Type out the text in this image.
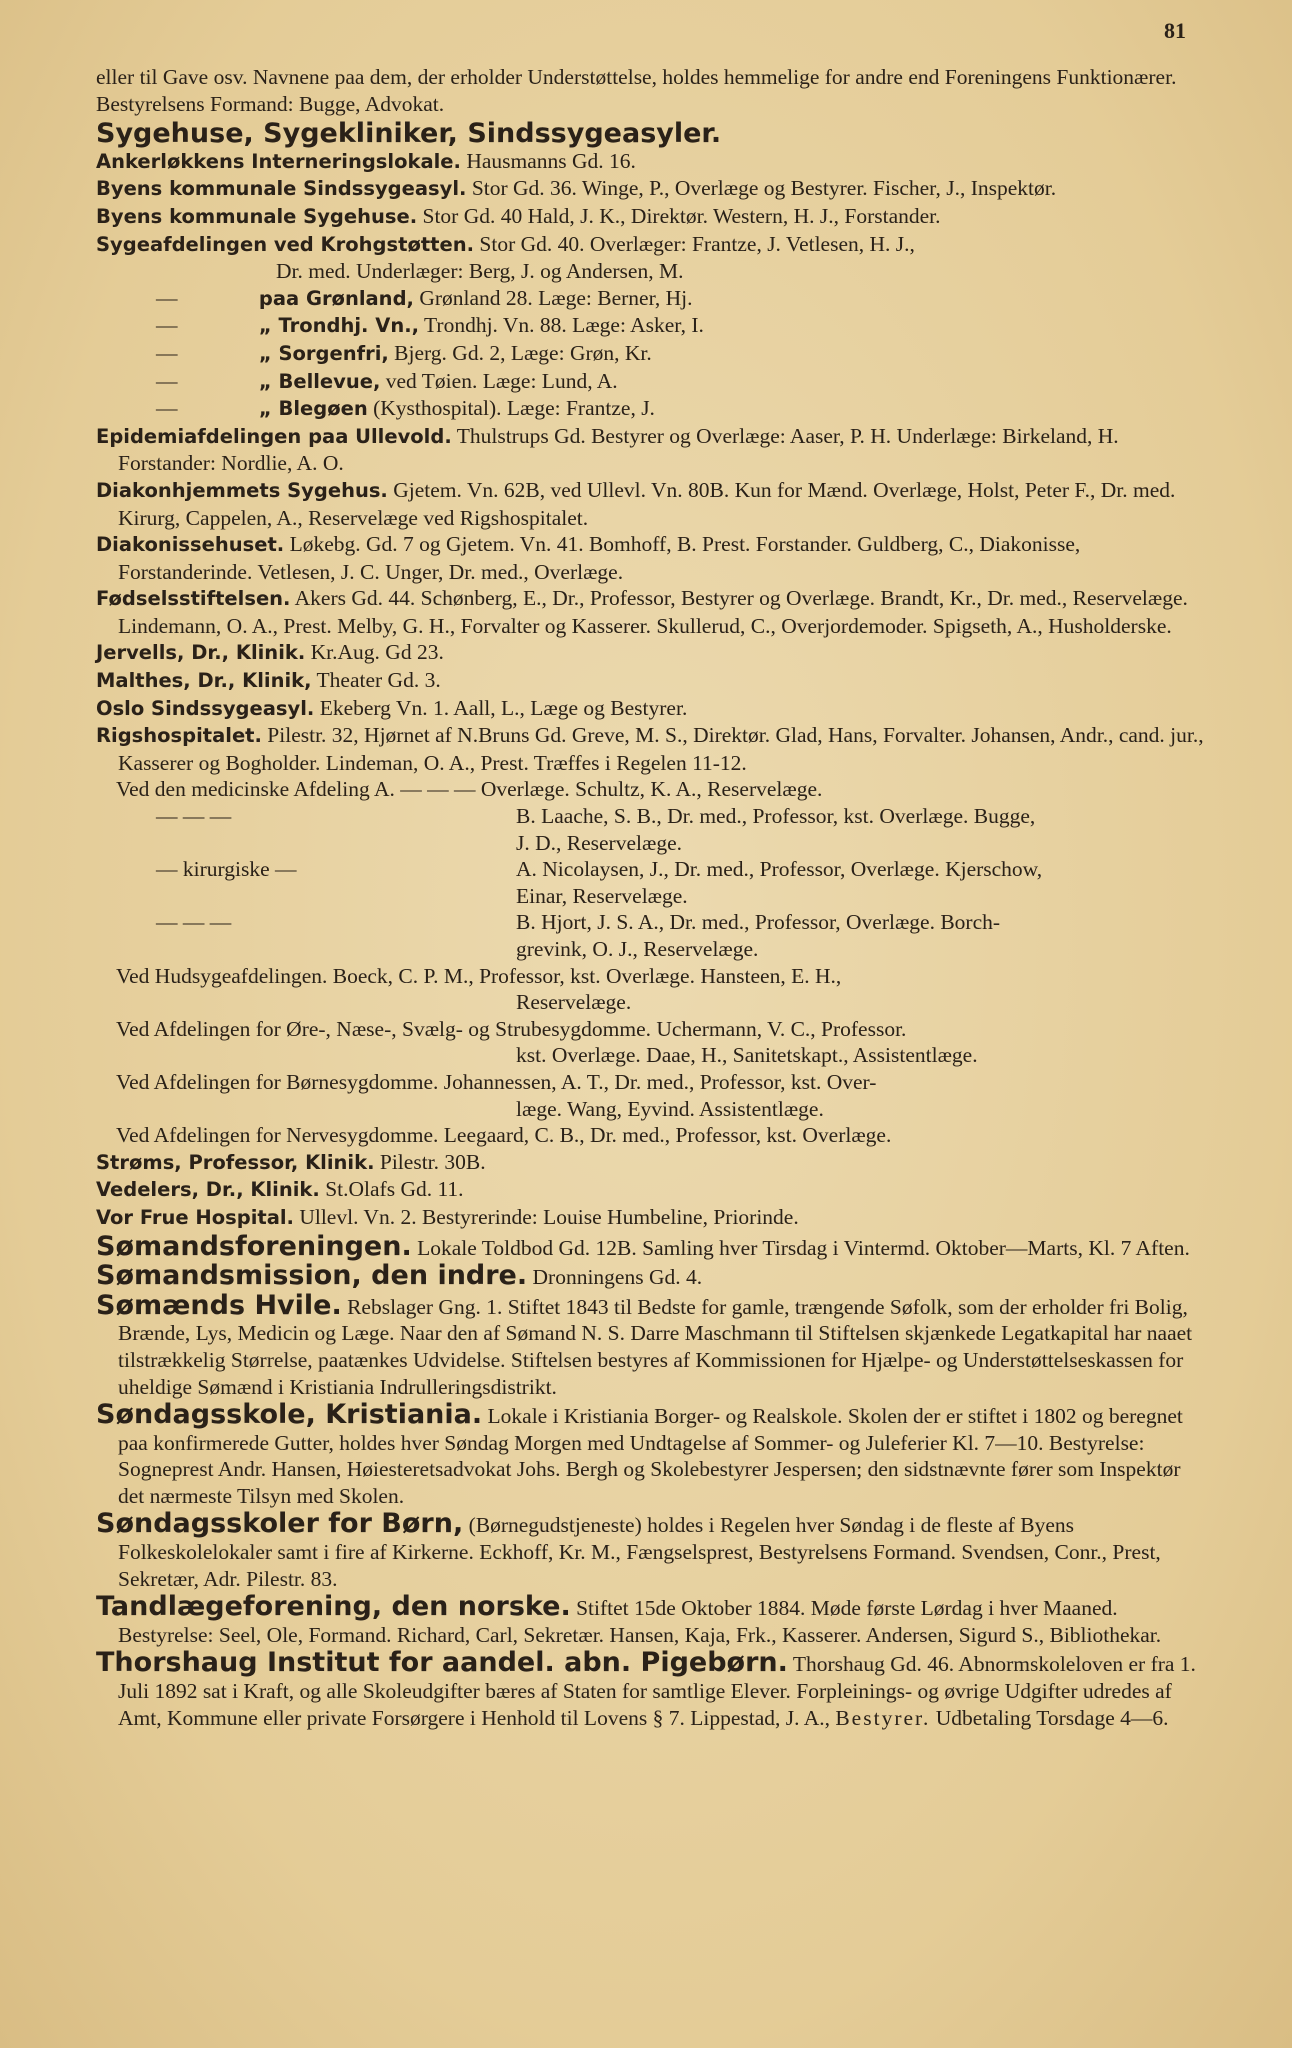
81

eller til Gave osv. Navnene paa dem, der erholder Understøttelse, holdes hemmelige for andre end Foreningens Funktionærer. Bestyrelsens Formand: Bugge, Advokat.

Sygehuse, Sygekliniker, Sindssygeasyler.

Ankerløkkens Interneringslokale. Hausmanns Gd. 16.

Byens kommunale Sindssygeasyl. Stor Gd. 36. Winge, P., Overlæge og Bestyrer. Fischer, J., Inspektør.

Byens kommunale Sygehuse. Stor Gd. 40 Hald, J. K., Direktør. Western, H. J., Forstander.

Sygeafdelingen ved Krohgstøtten. Stor Gd. 40. Overlæger: Frantze, J. Vetlesen, H. J.,

Dr. med. Underlæger: Berg, J. og Andersen, M.

—	paa Grønland, Grønland 28. Læge: Berner, Hj.

—	„ Trondhj. Vn., Trondhj. Vn. 88. Læge: Asker, I.

—	„ Sorgenfri, Bjerg. Gd. 2, Læge: Grøn, Kr.

—	„ Bellevue, ved Tøien. Læge: Lund, A.

—	„ Blegøen (Kysthospital). Læge: Frantze, J.

Epidemiafdelingen paa Ullevold. Thulstrups Gd. Bestyrer og Overlæge: Aaser, P. H. Underlæge: Birkeland, H. Forstander: Nordlie, A. O.

Diakonhjemmets Sygehus. Gjetem. Vn. 62B, ved Ullevl. Vn. 80B. Kun for Mænd. Overlæge, Holst, Peter F., Dr. med. Kirurg, Cappelen, A., Reservelæge ved Rigshospitalet.

Diakonissehuset. Løkebg. Gd. 7 og Gjetem. Vn. 41. Bomhoff, B. Prest. Forstander. Guldberg, C., Diakonisse, Forstanderinde. Vetlesen, J. C. Unger, Dr. med., Overlæge.

Fødselsstiftelsen. Akers Gd. 44. Schønberg, E., Dr., Professor, Bestyrer og Overlæge. Brandt, Kr., Dr. med., Reservelæge. Lindemann, O. A., Prest. Melby, G. H., Forvalter og Kasserer. Skullerud, C., Overjordemoder. Spigseth, A., Husholderske.

Jervells, Dr., Klinik. Kr.Aug. Gd 23.

Malthes, Dr., Klinik, Theater Gd. 3.

Oslo Sindssygeasyl. Ekeberg Vn. 1. Aall, L., Læge og Bestyrer.

Rigshospitalet. Pilestr. 32, Hjørnet af N.Bruns Gd. Greve, M. S., Direktør. Glad, Hans, Forvalter. Johansen, Andr., cand. jur., Kasserer og Bogholder. Lindeman, O. A., Prest. Træffes i Regelen 11-12.

Ved den medicinske Afdeling A. — — — Overlæge. Schultz, K. A., Reservelæge.

— — —	B. Laache, S. B., Dr. med., Professor, kst. Overlæge. Bugge,

J. D., Reservelæge.

— kirurgiske —	A. Nicolaysen, J., Dr. med., Professor, Overlæge. Kjerschow,

Einar, Reservelæge.

— — —	B. Hjort, J. S. A., Dr. med., Professor, Overlæge. Borch-

grevink, O. J., Reservelæge.

Ved Hudsygeafdelingen. Boeck, C. P. M., Professor, kst. Overlæge. Hansteen, E. H.,

Reservelæge.

Ved Afdelingen for Øre-, Næse-, Svælg- og Strubesygdomme. Uchermann, V. C., Professor.

kst. Overlæge. Daae, H., Sanitetskapt., Assistentlæge.

Ved Afdelingen for Børnesygdomme. Johannessen, A. T., Dr. med., Professor, kst. Over-

læge. Wang, Eyvind. Assistentlæge.

Ved Afdelingen for Nervesygdomme. Leegaard, C. B., Dr. med., Professor, kst. Overlæge.

Strøms, Professor, Klinik. Pilestr. 30B.

Vedelers, Dr., Klinik. St.Olafs Gd. 11.

Vor Frue Hospital. Ullevl. Vn. 2. Bestyrerinde: Louise Humbeline, Priorinde.

Sømandsforeningen. Lokale Toldbod Gd. 12B. Samling hver Tirsdag i Vintermd. Oktober—Marts, Kl. 7 Aften.

Sømandsmission, den indre. Dronningens Gd. 4.

Sømænds Hvile. Rebslager Gng. 1. Stiftet 1843 til Bedste for gamle, trængende Søfolk, som der erholder fri Bolig, Brænde, Lys, Medicin og Læge. Naar den af Sømand N. S. Darre Maschmann til Stiftelsen skjænkede Legatkapital har naaet tilstrækkelig Størrelse, paatænkes Udvidelse. Stiftelsen bestyres af Kommissionen for Hjælpe- og Understøttelseskassen for uheldige Sømænd i Kristiania Indrulleringsdistrikt.

Søndagsskole, Kristiania. Lokale i Kristiania Borger- og Realskole. Skolen der er stiftet i 1802 og beregnet paa konfirmerede Gutter, holdes hver Søndag Morgen med Undtagelse af Sommer- og Juleferier Kl. 7—10. Bestyrelse: Sogneprest Andr. Hansen, Høiesteretsadvokat Johs. Bergh og Skolebestyrer Jespersen; den sidstnævnte fører som Inspektør det nærmeste Tilsyn med Skolen.

Søndagsskoler for Børn, (Børnegudstjeneste) holdes i Regelen hver Søndag i de fleste af Byens Folkeskolelokaler samt i fire af Kirkerne. Eckhoff, Kr. M., Fængselsprest, Bestyrelsens Formand. Svendsen, Conr., Prest, Sekretær, Adr. Pilestr. 83.

Tandlægeforening, den norske. Stiftet 15de Oktober 1884. Møde første Lørdag i hver Maaned. Bestyrelse: Seel, Ole, Formand. Richard, Carl, Sekretær. Hansen, Kaja, Frk., Kasserer. Andersen, Sigurd S., Bibliothekar.

Thorshaug Institut for aandel. abn. Pigebørn. Thorshaug Gd. 46. Abnormskoleloven er fra 1. Juli 1892 sat i Kraft, og alle Skoleudgifter bæres af Staten for samtlige Elever. Forpleinings- og øvrige Udgifter udredes af Amt, Kommune eller private Forsørgere i Henhold til Lovens § 7. Lippestad, J. A., Bestyrer. Udbetaling Torsdage 4—6.
